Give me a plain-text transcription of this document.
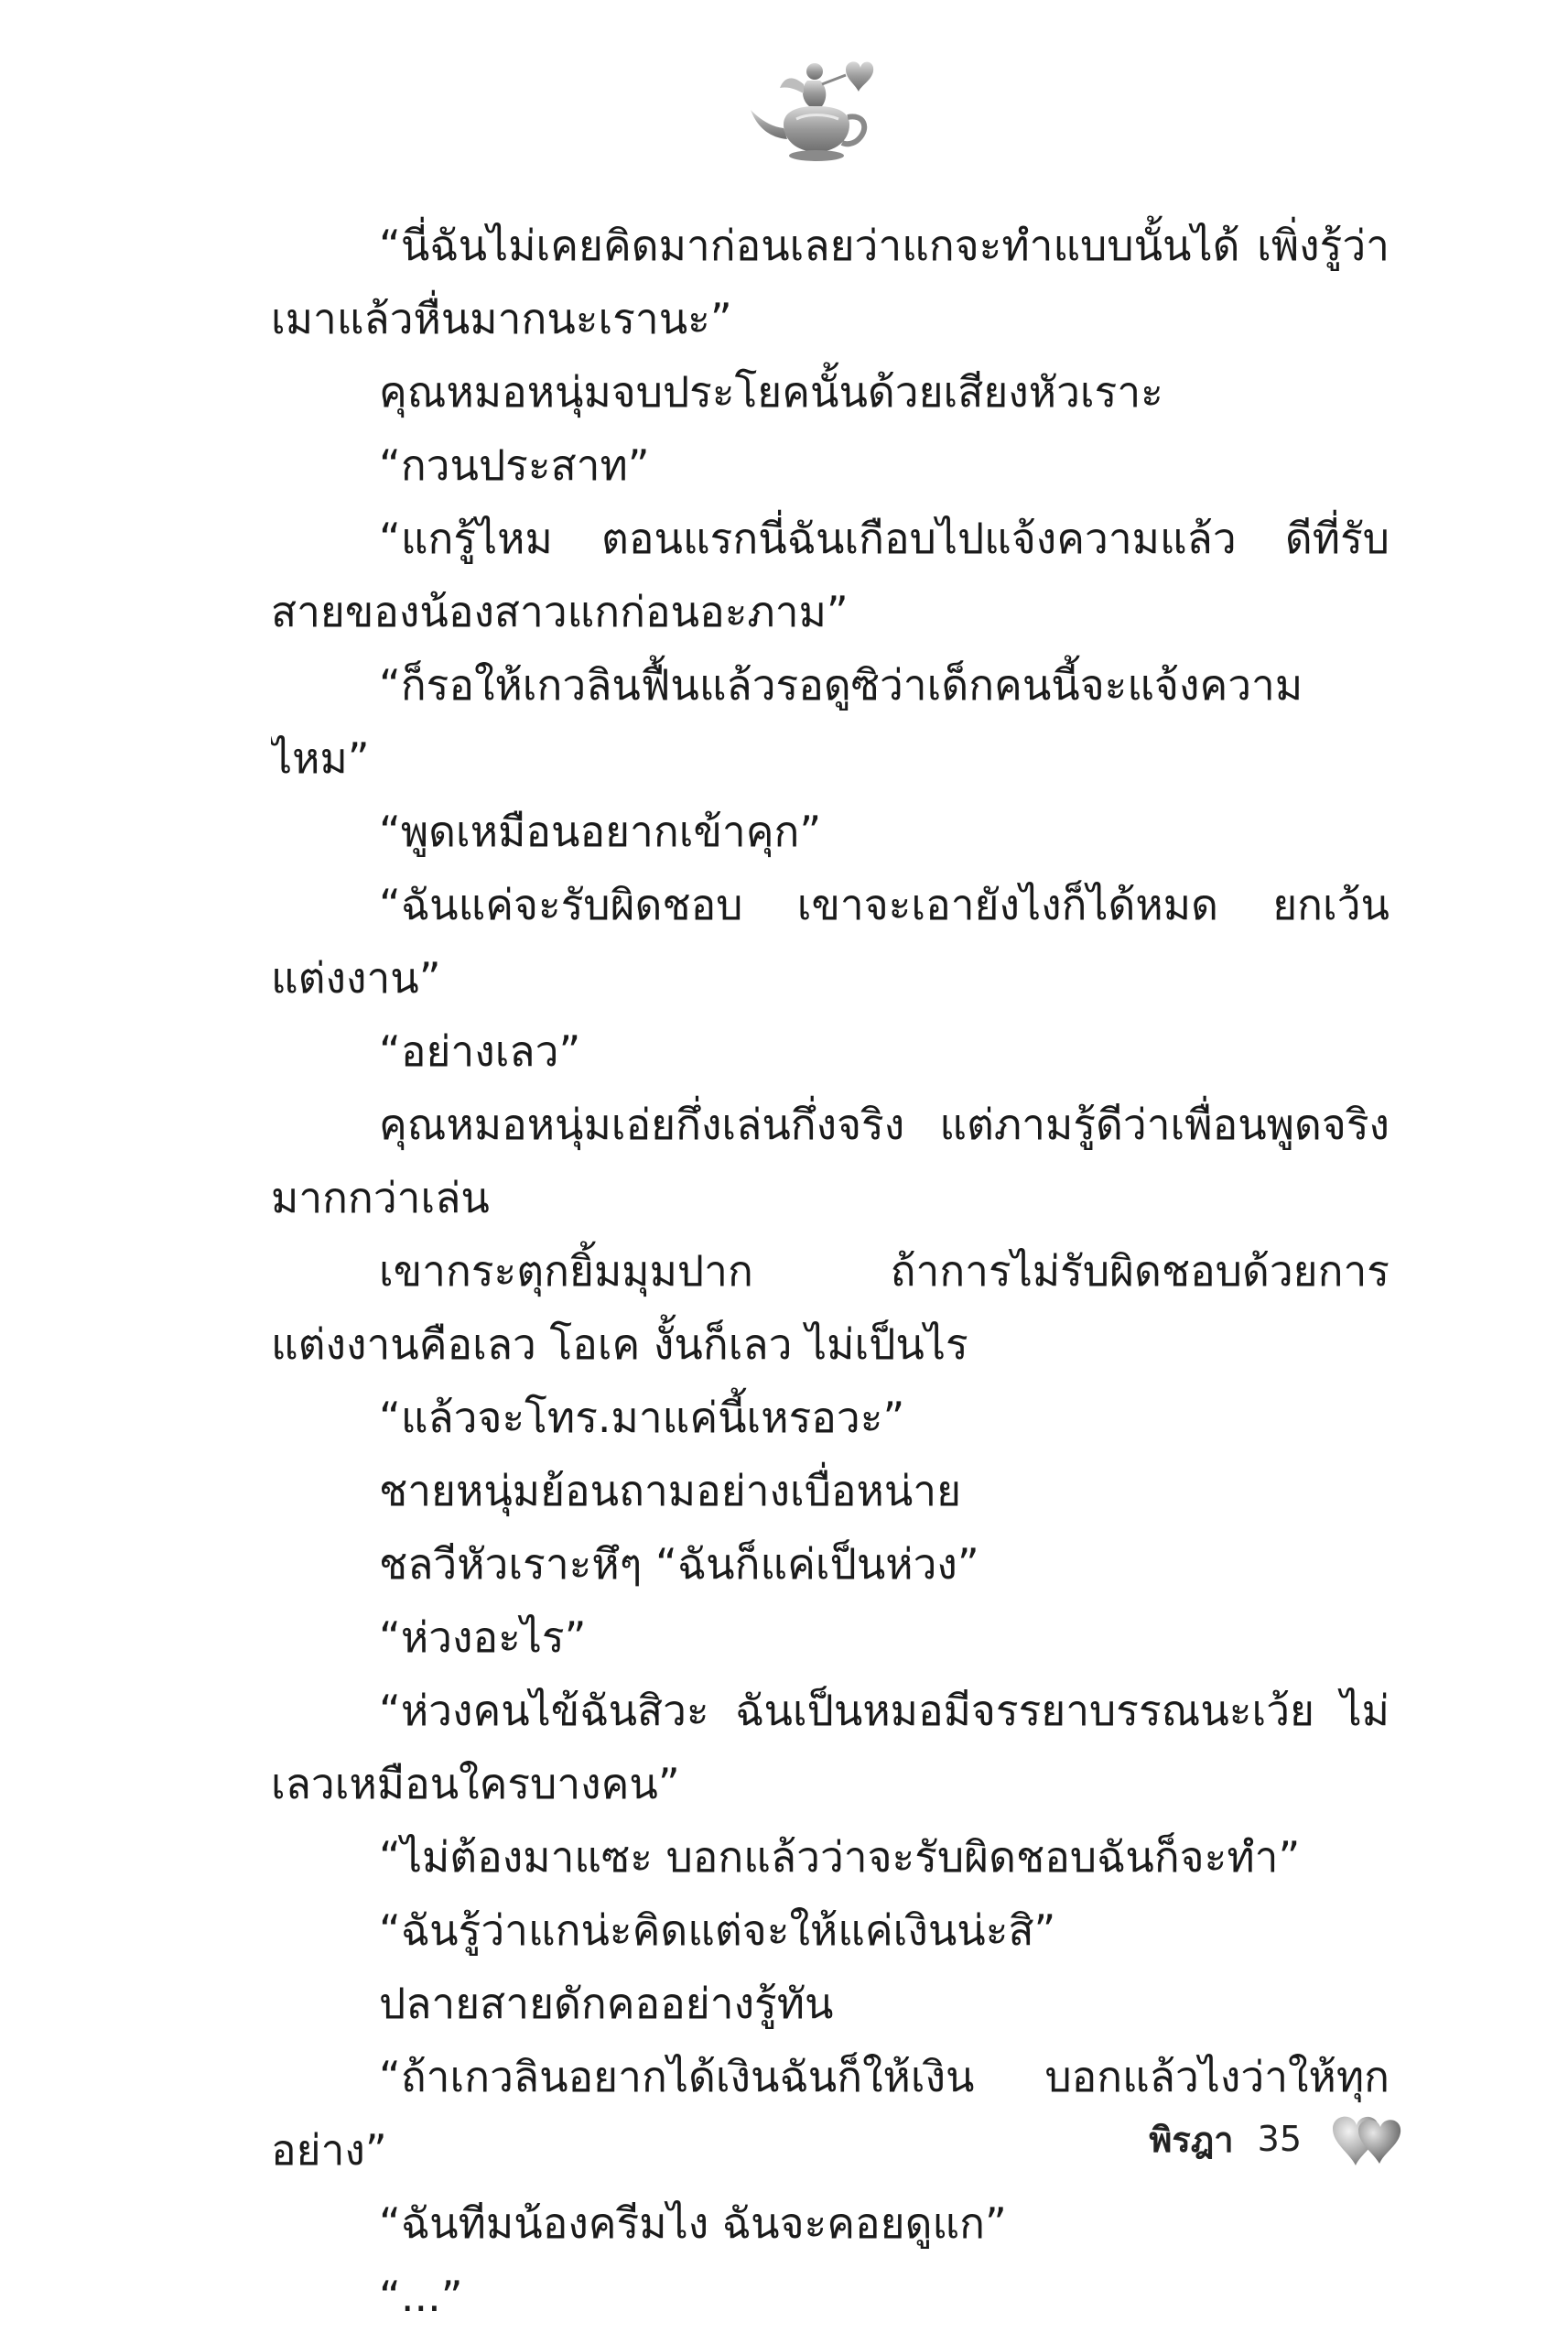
“นี่ฉันไม่เคยคิดมาก่อนเลยว่าแกจะทำแบบนั้นได้ เพิ่งรู้ว่าเมาแล้วหื่นมากนะเรานะ”

คุณหมอหนุ่มจบประโยคนั้นด้วยเสียงหัวเราะ

“กวนประสาท”

“แกรู้ไหม ตอนแรกนี่ฉันเกือบไปแจ้งความแล้ว ดีที่รับสายของน้องสาวแกก่อนอะภาม”

“ก็รอให้เกวลินฟื้นแล้วรอดูซิว่าเด็กคนนี้จะแจ้งความไหม”

“พูดเหมือนอยากเข้าคุก”

“ฉันแค่จะรับผิดชอบ เขาจะเอายังไงก็ได้หมด ยกเว้นแต่งงาน”

“อย่างเลว”

คุณหมอหนุ่มเอ่ยกึ่งเล่นกึ่งจริง แต่ภามรู้ดีว่าเพื่อนพูดจริงมากกว่าเล่น

เขากระตุกยิ้มมุมปาก ถ้าการไม่รับผิดชอบด้วยการแต่งงานคือเลว โอเค งั้นก็เลว ไม่เป็นไร

“แล้วจะโทร.มาแค่นี้เหรอวะ”

ชายหนุ่มย้อนถามอย่างเบื่อหน่าย

ชลวีหัวเราะหึๆ “ฉันก็แค่เป็นห่วง”

“ห่วงอะไร”

“ห่วงคนไข้ฉันสิวะ ฉันเป็นหมอมีจรรยาบรรณนะเว้ย ไม่เลวเหมือนใครบางคน”

“ไม่ต้องมาแซะ บอกแล้วว่าจะรับผิดชอบฉันก็จะทำ”

“ฉันรู้ว่าแกน่ะคิดแต่จะให้แค่เงินน่ะสิ”

ปลายสายดักคออย่างรู้ทัน

“ถ้าเกวลินอยากได้เงินฉันก็ให้เงิน บอกแล้วไงว่าให้ทุกอย่าง”

“ฉันทีมน้องครีมไง ฉันจะคอยดูแก”

“...”

พิรฎา 35
